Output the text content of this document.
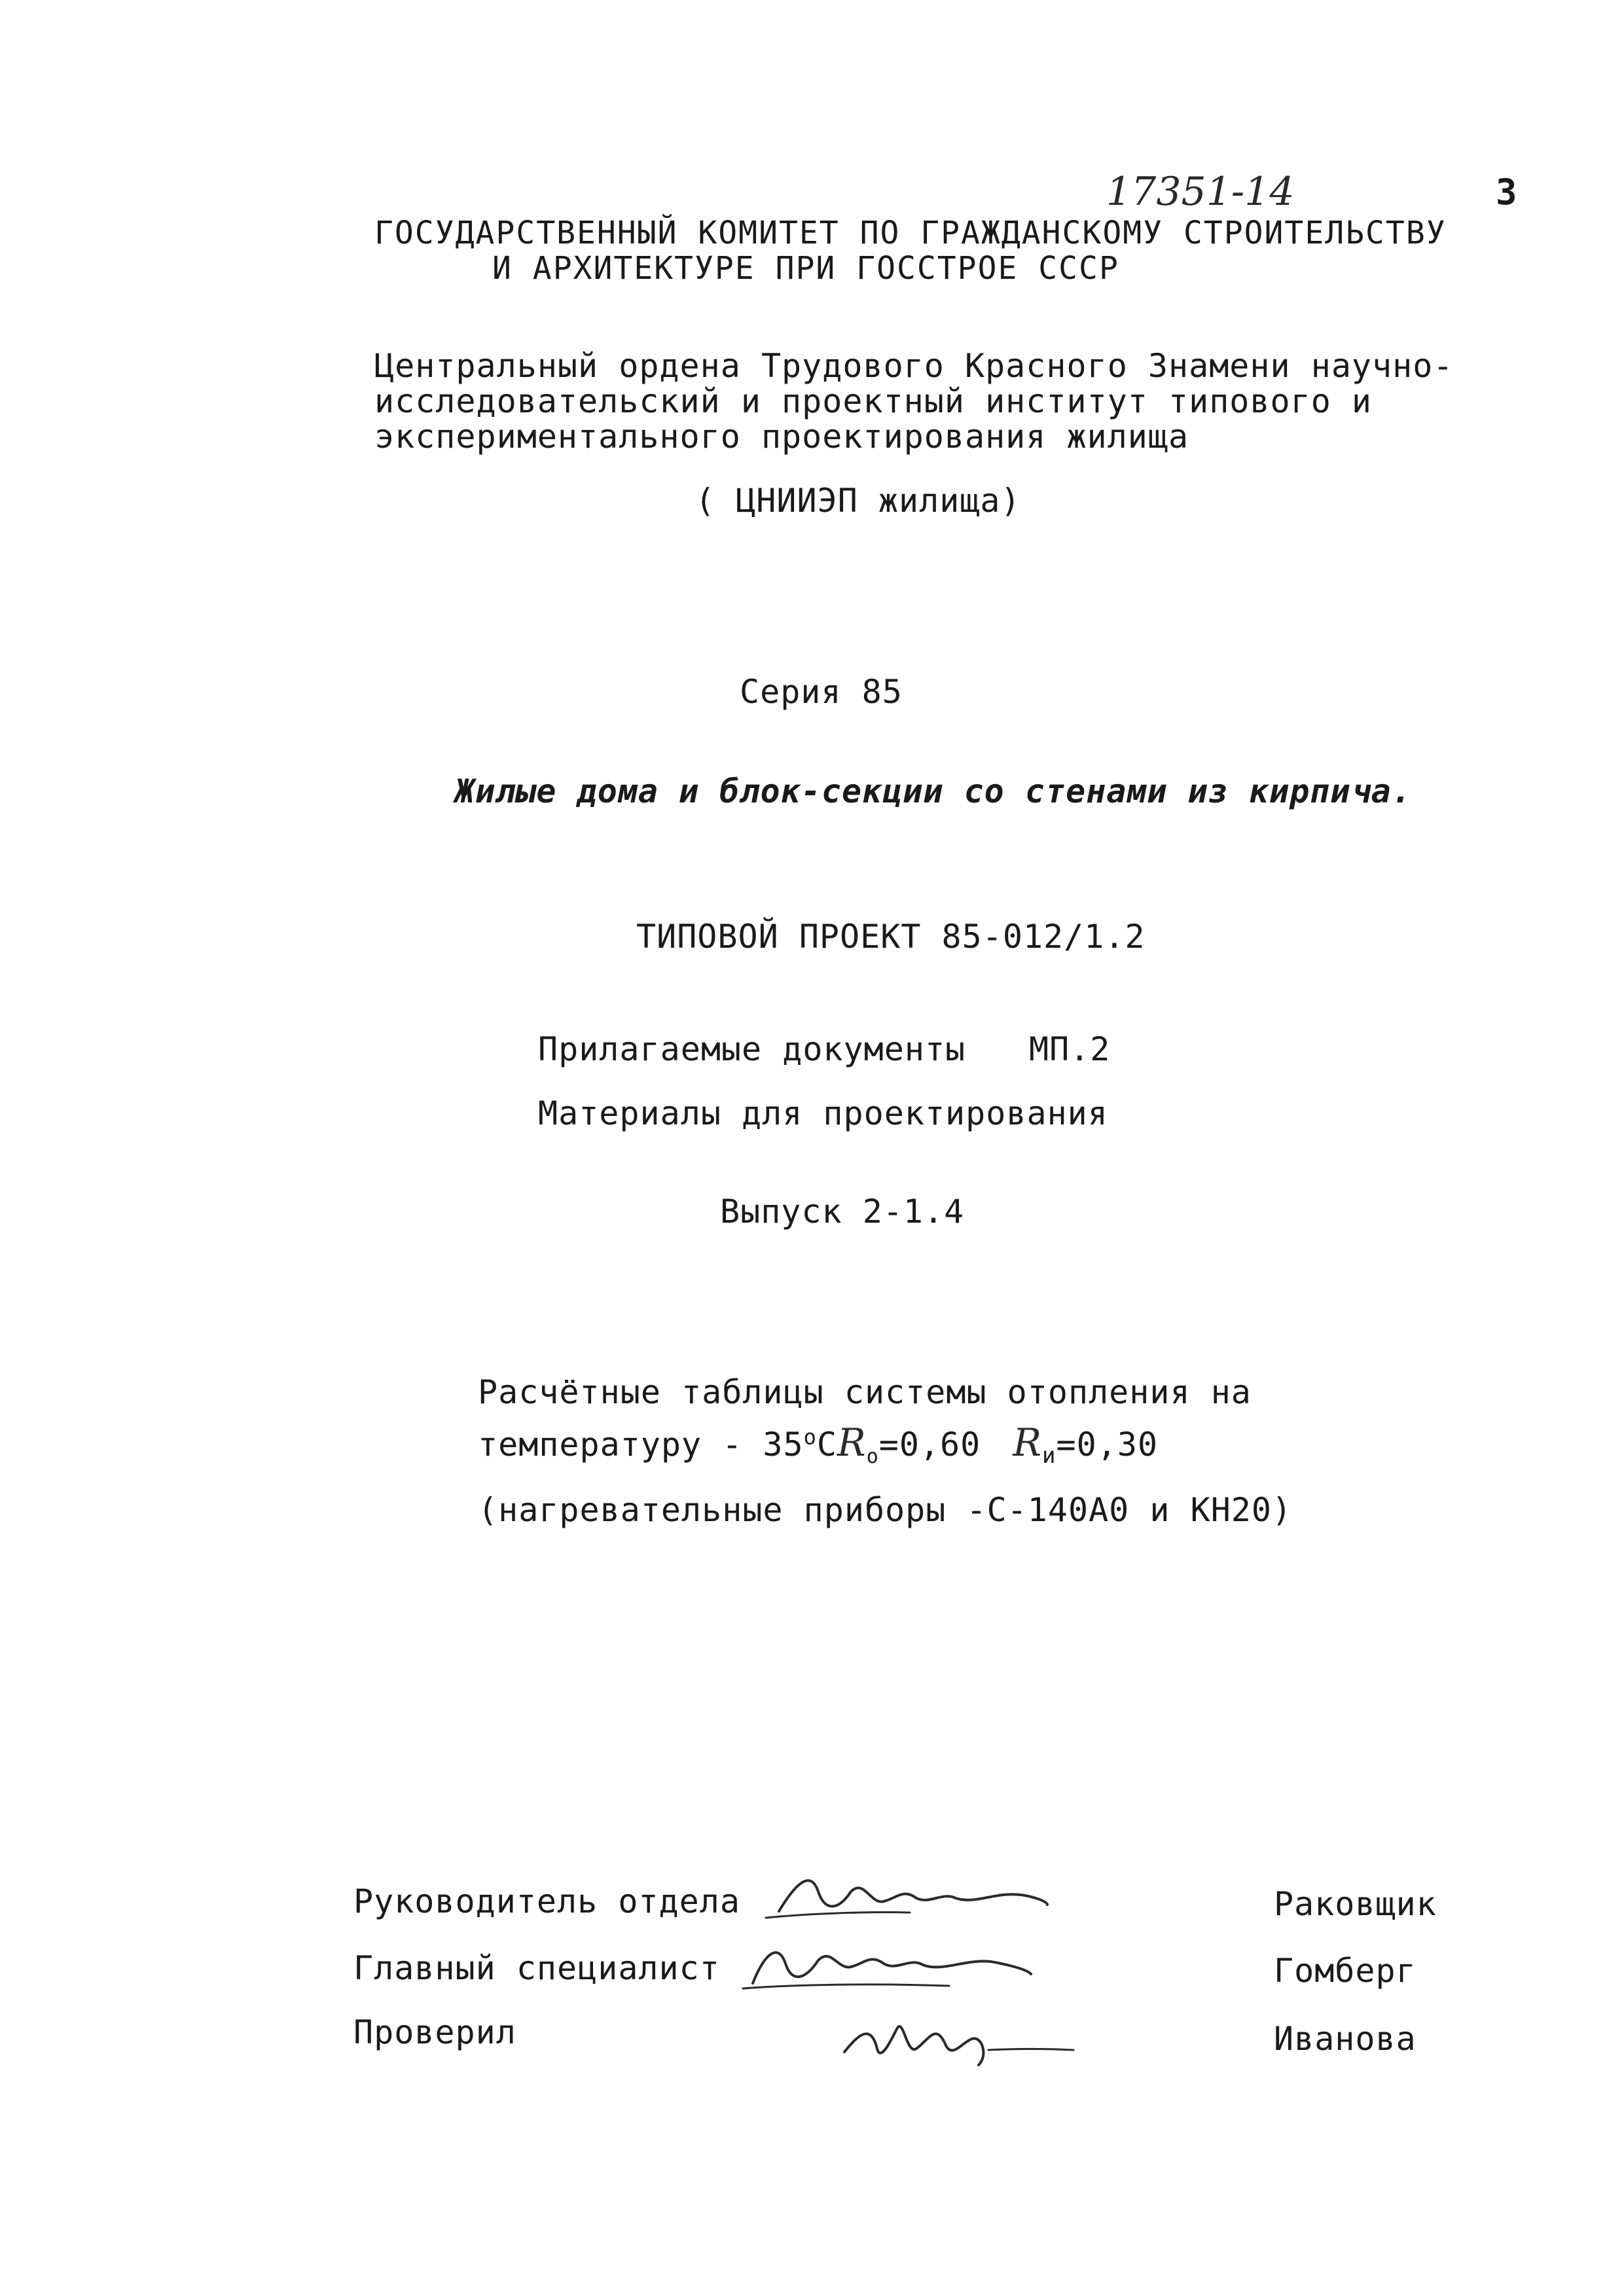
17351-14	3
ГОСУДАРСТВЕННЫЙ КОМИТЕТ ПО ГРАЖДАНСКОМУ СТРОИТЕЛЬСТВУ
И АРХИТЕКТУРЕ ПРИ ГОССТРОЕ СССР
Центральный ордена Трудового Красного Знамени научно-
исследовательский и проектный институт типового и
экспериментального проектирования жилища
( ЦНИИЭП жилища)
Серия 85
Жилые дома и блок-секции со стенами из кирпича.
ТИПОВОЙ ПРОЕКТ 85-012/1.2
Прилагаемые документы МП.2
Материалы для проектирования
Выпуск 2-1.4
Расчётные таблицы системы отопления на
температуру - $35^оСR_о=0,60$ $R_и=0,30$
(нагревательные приборы -С-140А0 и КН20)
Руководитель отдела	Раковщик
Главный специалист	Гомберг
Проверил	Иванова
